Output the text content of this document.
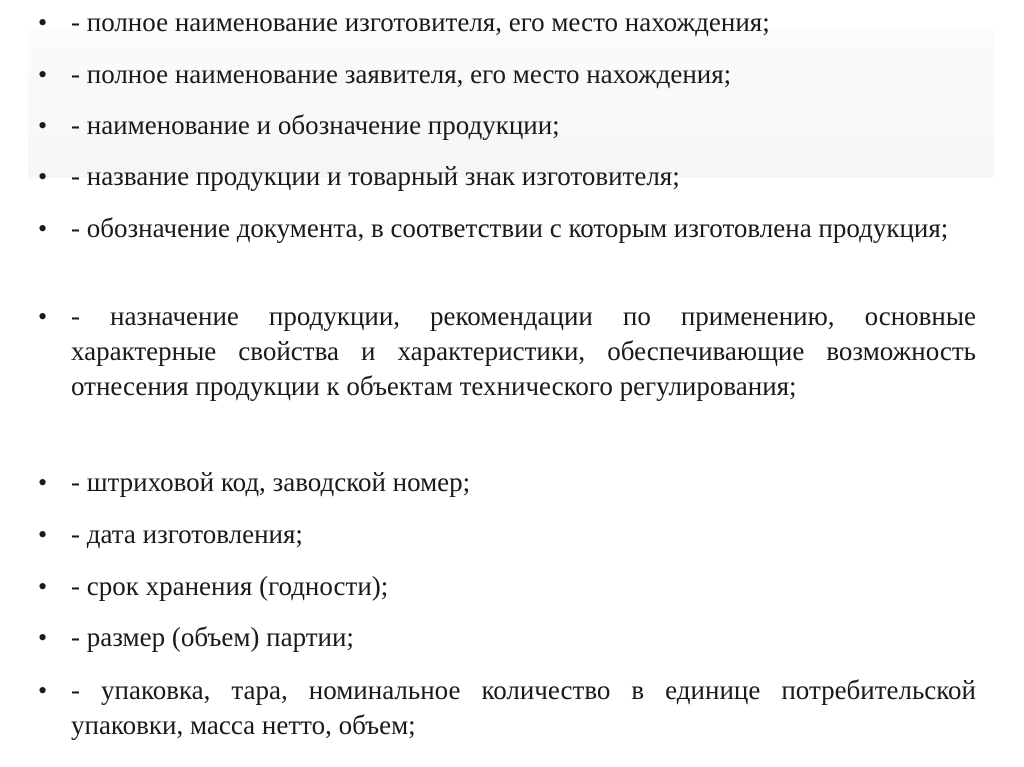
• - полное наименование изготовителя, его место нахождения;
• - полное наименование заявителя, его место нахождения;
• - наименование и обозначение продукции;
• - название продукции и товарный знак изготовителя;
• - обозначение документа, в соответствии с которым изготовлена продукция;
• - назначение продукции, рекомендации по применению, основные характерные свойства и характеристики, обеспечивающие возможность отнесения продукции к объектам технического регулирования;
• - штриховой код, заводской номер;
• - дата изготовления;
• - срок хранения (годности);
• - размер (объем) партии;
• - упаковка, тара, номинальное количество в единице потребительской упаковки, масса нетто, объем;
